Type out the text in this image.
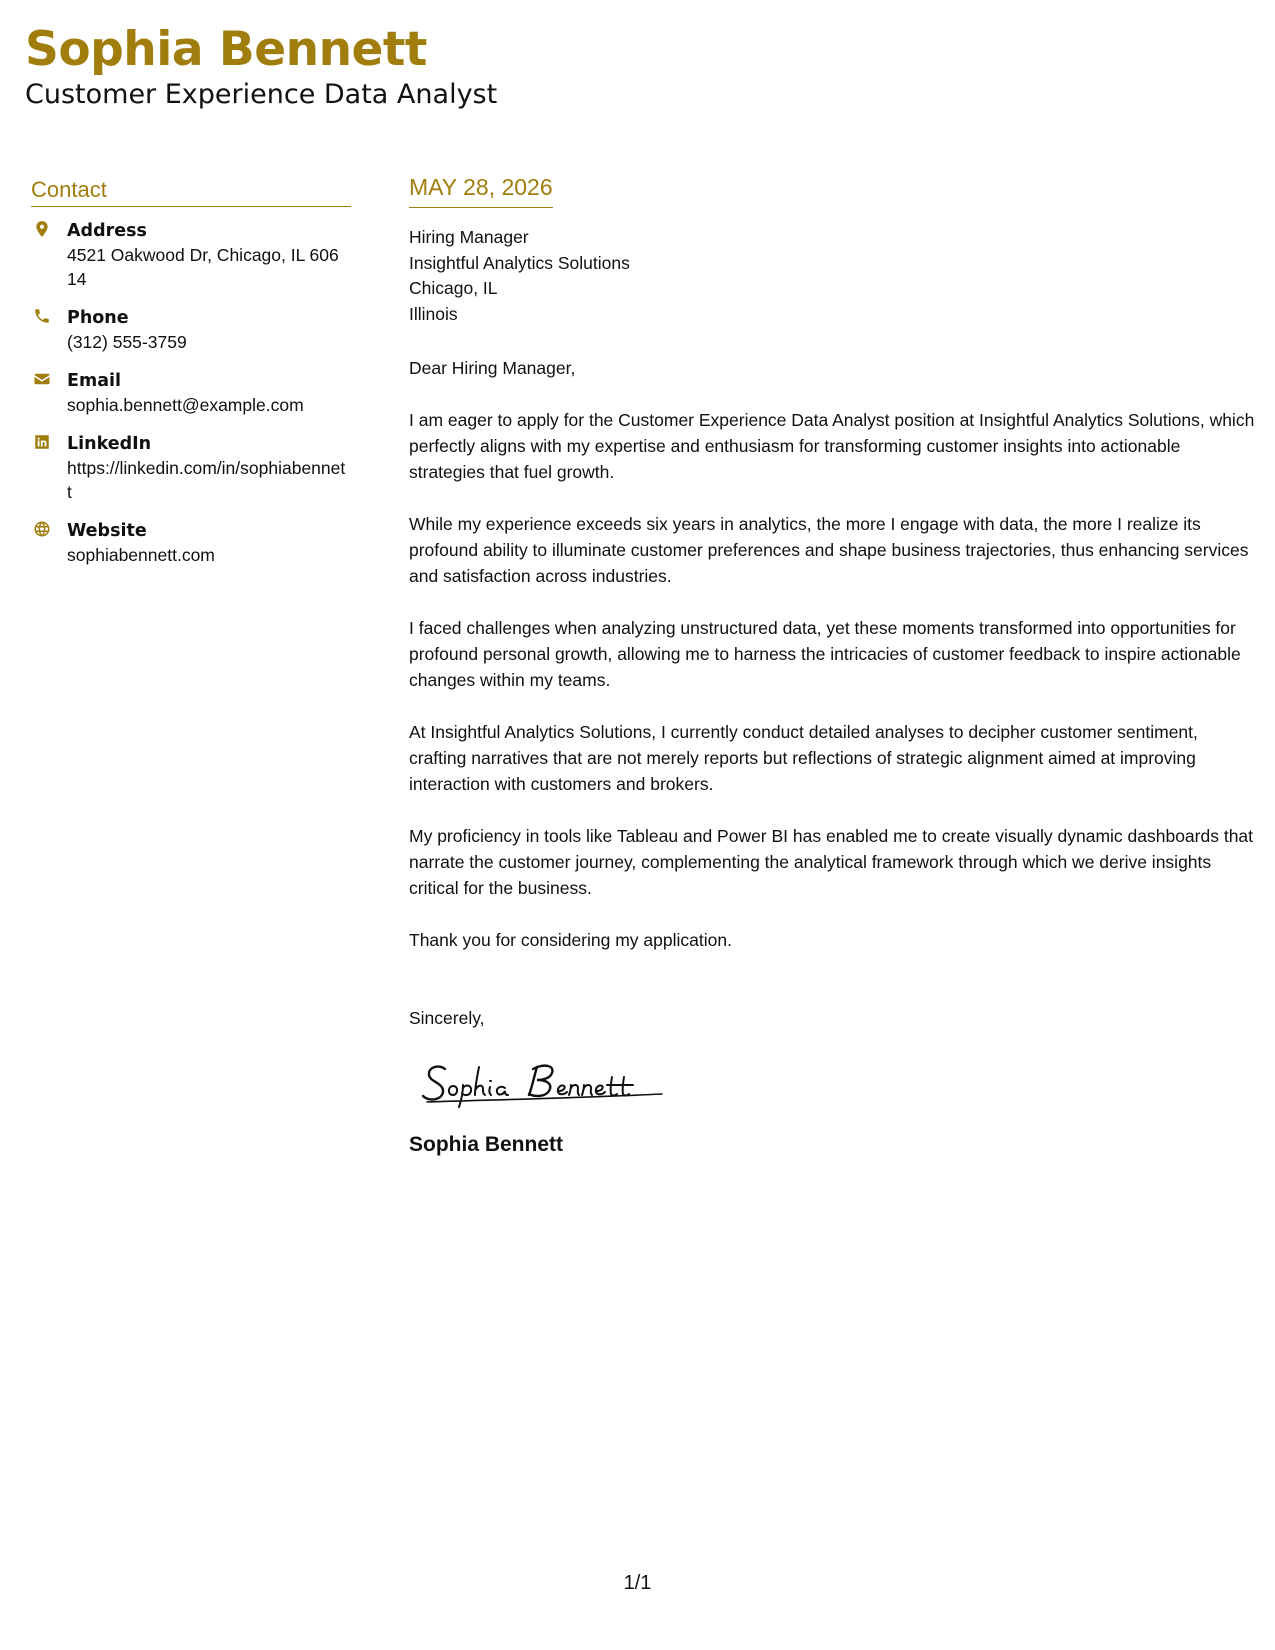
Sophia Bennett
Customer Experience Data Analyst
Contact
Address
4521 Oakwood Dr, Chicago, IL 60614
Phone
(312) 555-3759
Email
sophia.bennett@example.com
LinkedIn
https://linkedin.com/in/sophiabennett
Website
sophiabennett.com
MAY 28, 2026
Hiring Manager
Insightful Analytics Solutions
Chicago, IL
Illinois
Dear Hiring Manager,
I am eager to apply for the Customer Experience Data Analyst position at Insightful Analytics Solutions, which perfectly aligns with my expertise and enthusiasm for transforming customer insights into actionable strategies that fuel growth.
While my experience exceeds six years in analytics, the more I engage with data, the more I realize its profound ability to illuminate customer preferences and shape business trajectories, thus enhancing services and satisfaction across industries.
I faced challenges when analyzing unstructured data, yet these moments transformed into opportunities for profound personal growth, allowing me to harness the intricacies of customer feedback to inspire actionable changes within my teams.
At Insightful Analytics Solutions, I currently conduct detailed analyses to decipher customer sentiment, crafting narratives that are not merely reports but reflections of strategic alignment aimed at improving interaction with customers and brokers.
My proficiency in tools like Tableau and Power BI has enabled me to create visually dynamic dashboards that narrate the customer journey, complementing the analytical framework through which we derive insights critical for the business.
Thank you for considering my application.
Sincerely,
Sophia Bennett
1/1
